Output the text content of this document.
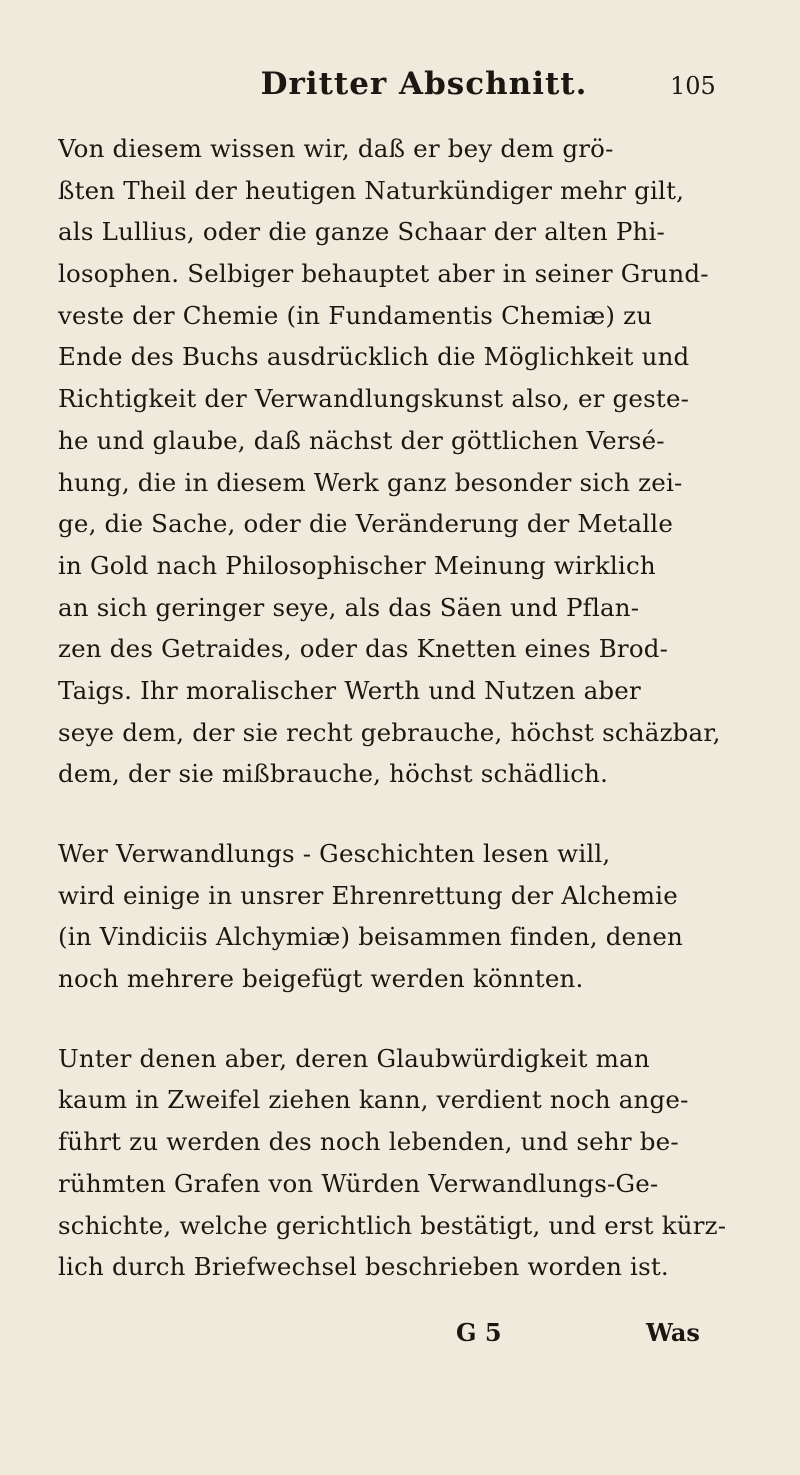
Dritter Abschnitt.	105
Von diesem wissen wir, daß er bey dem grö-
ßten Theil der heutigen Naturkündiger mehr gilt,
als Lullius, oder die ganze Schaar der alten Phi-
losophen. Selbiger behauptet aber in seiner Grund-
veste der Chemie (in Fundamentis Chemiæ) zu
Ende des Buchs ausdrücklich die Möglichkeit und
Richtigkeit der Verwandlungskunst also, er geste-
he und glaube, daß nächst der göttlichen Versé-
hung, die in diesem Werk ganz besonder sich zei-
ge, die Sache, oder die Veränderung der Metalle
in Gold nach Philosophischer Meinung wirklich
an sich geringer seye, als das Säen und Pflan-
zen des Getraides, oder das Knetten eines Brod-
Taigs. Ihr moralischer Werth und Nutzen aber
seye dem, der sie recht gebrauche, höchst schäzbar,
dem, der sie mißbrauche, höchst schädlich.
Wer Verwandlungs - Geschichten lesen will,
wird einige in unsrer Ehrenrettung der Alchemie
(in Vindiciis Alchymiæ) beisammen finden, denen
noch mehrere beigefügt werden könnten.
Unter denen aber, deren Glaubwürdigkeit man
kaum in Zweifel ziehen kann, verdient noch ange-
führt zu werden des noch lebenden, und sehr be-
rühmten Grafen von Würden Verwandlungs-Ge-
schichte, welche gerichtlich bestätigt, und erst kürz-
lich durch Briefwechsel beschrieben worden ist.
G 5	Was
